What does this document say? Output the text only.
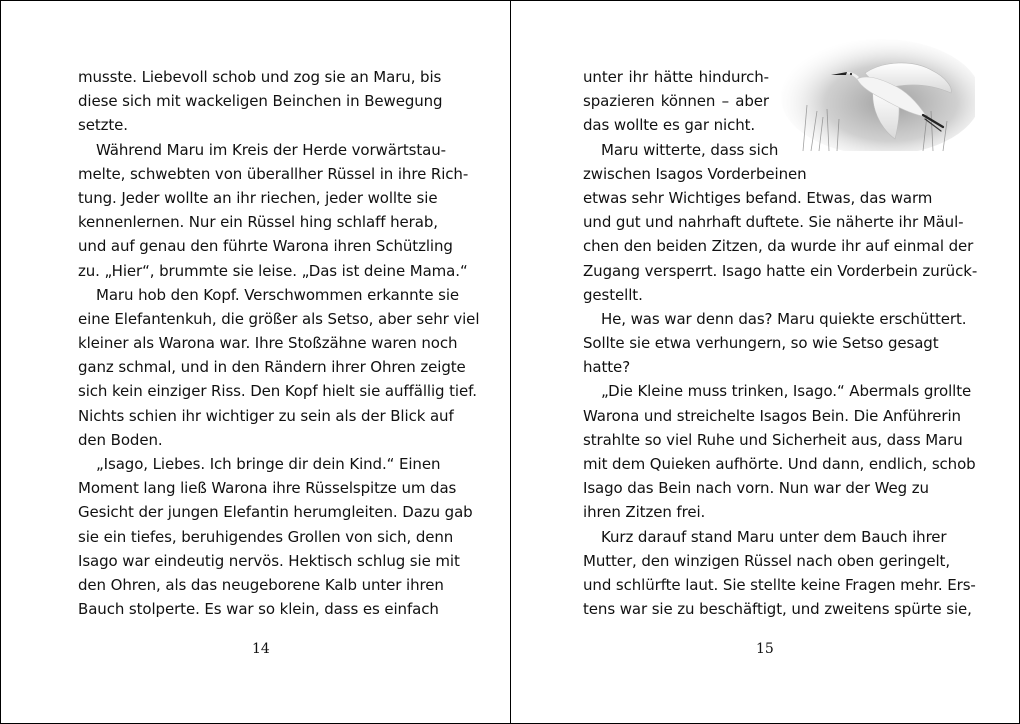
musste. Liebevoll schob und zog sie an Maru, bis
diese sich mit wackeligen Beinchen in Bewegung
setzte.
Während Maru im Kreis der Herde vorwärtstau-
melte, schwebten von überallher Rüssel in ihre Rich-
tung. Jeder wollte an ihr riechen, jeder wollte sie
kennenlernen. Nur ein Rüssel hing schlaff herab,
und auf genau den führte Warona ihren Schützling
zu. „Hier“, brummte sie leise. „Das ist deine Mama.“
Maru hob den Kopf. Verschwommen erkannte sie
eine Elefantenkuh, die größer als Setso, aber sehr viel
kleiner als Warona war. Ihre Stoßzähne waren noch
ganz schmal, und in den Rändern ihrer Ohren zeigte
sich kein einziger Riss. Den Kopf hielt sie auffällig tief.
Nichts schien ihr wichtiger zu sein als der Blick auf
den Boden.
„Isago, Liebes. Ich bringe dir dein Kind.“ Einen
Moment lang ließ Warona ihre Rüsselspitze um das
Gesicht der jungen Elefantin herumgleiten. Dazu gab
sie ein tiefes, beruhigendes Grollen von sich, denn
Isago war eindeutig nervös. Hektisch schlug sie mit
den Ohren, als das neugeborene Kalb unter ihren
Bauch stolperte. Es war so klein, dass es einfach
14
unter ihr hätte hindurch-
spazieren können – aber
das wollte es gar nicht.
Maru witterte, dass sich
zwischen Isagos Vorderbeinen
etwas sehr Wichtiges befand. Etwas, das warm
und gut und nahrhaft duftete. Sie näherte ihr Mäul-
chen den beiden Zitzen, da wurde ihr auf einmal der
Zugang versperrt. Isago hatte ein Vorderbein zurück-
gestellt.
He, was war denn das? Maru quiekte erschüttert.
Sollte sie etwa verhungern, so wie Setso gesagt
hatte?
„Die Kleine muss trinken, Isago.“ Abermals grollte
Warona und streichelte Isagos Bein. Die Anführerin
strahlte so viel Ruhe und Sicherheit aus, dass Maru
mit dem Quieken aufhörte. Und dann, endlich, schob
Isago das Bein nach vorn. Nun war der Weg zu
ihren Zitzen frei.
Kurz darauf stand Maru unter dem Bauch ihrer
Mutter, den winzigen Rüssel nach oben geringelt,
und schlürfte laut. Sie stellte keine Fragen mehr. Ers-
tens war sie zu beschäftigt, und zweitens spürte sie,
15
